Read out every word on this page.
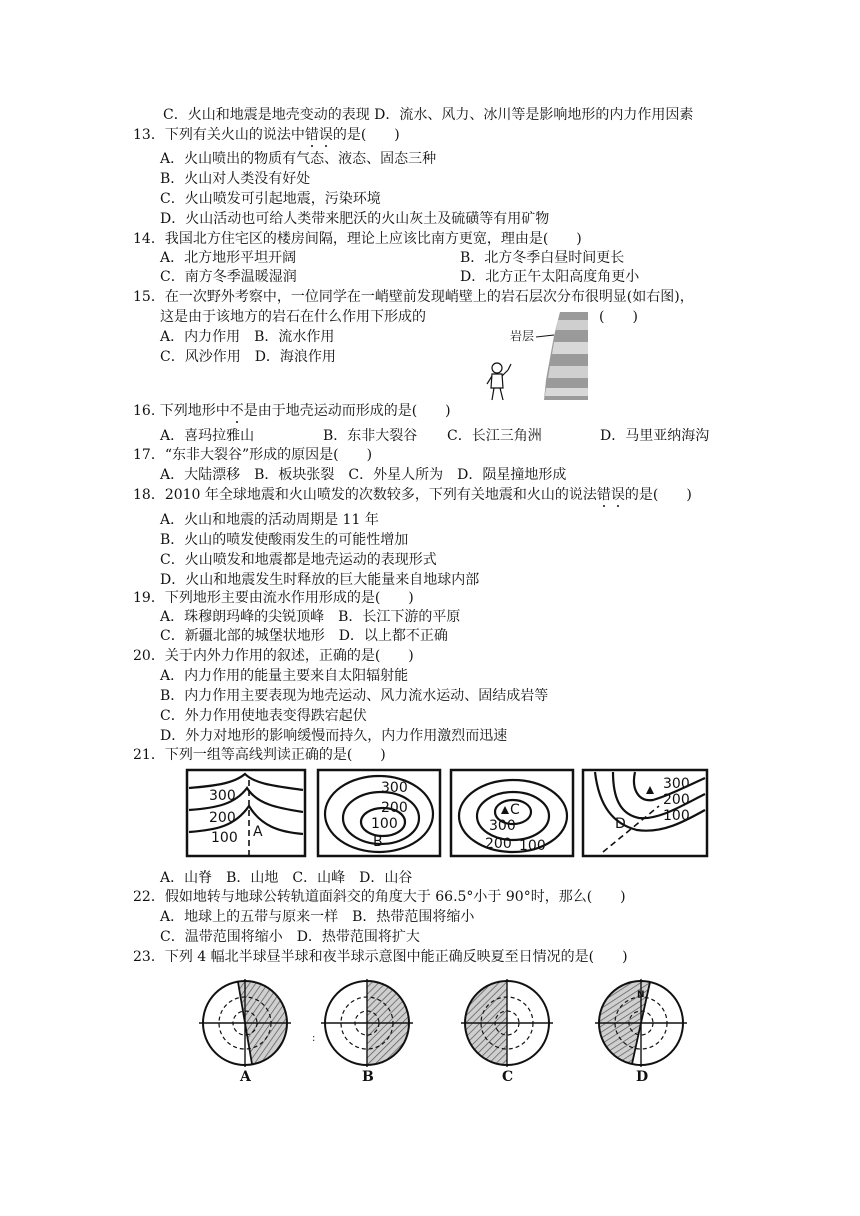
C．火山和地震是地壳变动的表现 D．流水、风力、冰川等是影响地形的内力作用因素
13．下列有关火山的说法中错误的是(　　)
A．火山喷出的物质有气态、液态、固态三种
B．火山对人类没有好处
C．火山喷发可引起地震，污染环境
D．火山活动也可给人类带来肥沃的火山灰土及硫磺等有用矿物
14．我国北方住宅区的楼房间隔，理论上应该比南方更宽，理由是(　　)
A．北方地形平坦开阔	B．北方冬季白昼时间更长
C．南方冬季温暖湿润	D．北方正午太阳高度角更小
15．在一次野外考察中，一位同学在一峭壁前发现峭壁上的岩石层次分布很明显(如右图)，
这是由于该地方的岩石在什么作用下形成的	(　　)
A．内力作用　B．流水作用
C．风沙作用　D．海浪作用
岩层
16. 下列地形中不是由于地壳运动而形成的是(　　)
A．喜玛拉雅山	B．东非大裂谷 C．长江三角洲	D．马里亚纳海沟
17．“东非大裂谷”形成的原因是(　　)
A．大陆漂移　B．板块张裂　C．外星人所为　D．陨星撞地形成
18．2010 年全球地震和火山喷发的次数较多，下列有关地震和火山的说法错误的是(　　)
A．火山和地震的活动周期是 11 年
B．火山的喷发使酸雨发生的可能性增加
C．火山喷发和地震都是地壳运动的表现形式
D．火山和地震发生时释放的巨大能量来自地球内部
19．下列地形主要由流水作用形成的是(　　)
A．珠穆朗玛峰的尖锐顶峰　B．长江下游的平原
C．新疆北部的城堡状地形　D．以上都不正确
20．关于内外力作用的叙述，正确的是(　　)
A．内力作用的能量主要来自太阳辐射能
B．内力作用主要表现为地壳运动、风力流水运动、固结成岩等
C．外力作用使地表变得跌宕起伏
D．外力对地形的影响缓慢而持久，内力作用激烈而迅速
21．下列一组等高线判读正确的是(　　)
300
200
100 A
300
200
100
B
C
300
200 100
300
200
100
D
A．山脊　B．山地　C．山峰　D．山谷
22．假如地转与地球公转轨道面斜交的角度大于 66.5°小于 90°时，那么(　　)
A．地球上的五带与原来一样　B．热带范围将缩小
C．温带范围将缩小　D．热带范围将扩大
23．下列 4 幅北半球昼半球和夜半球示意图中能正确反映夏至日情况的是(　　)
A
:
B	C
N
D
